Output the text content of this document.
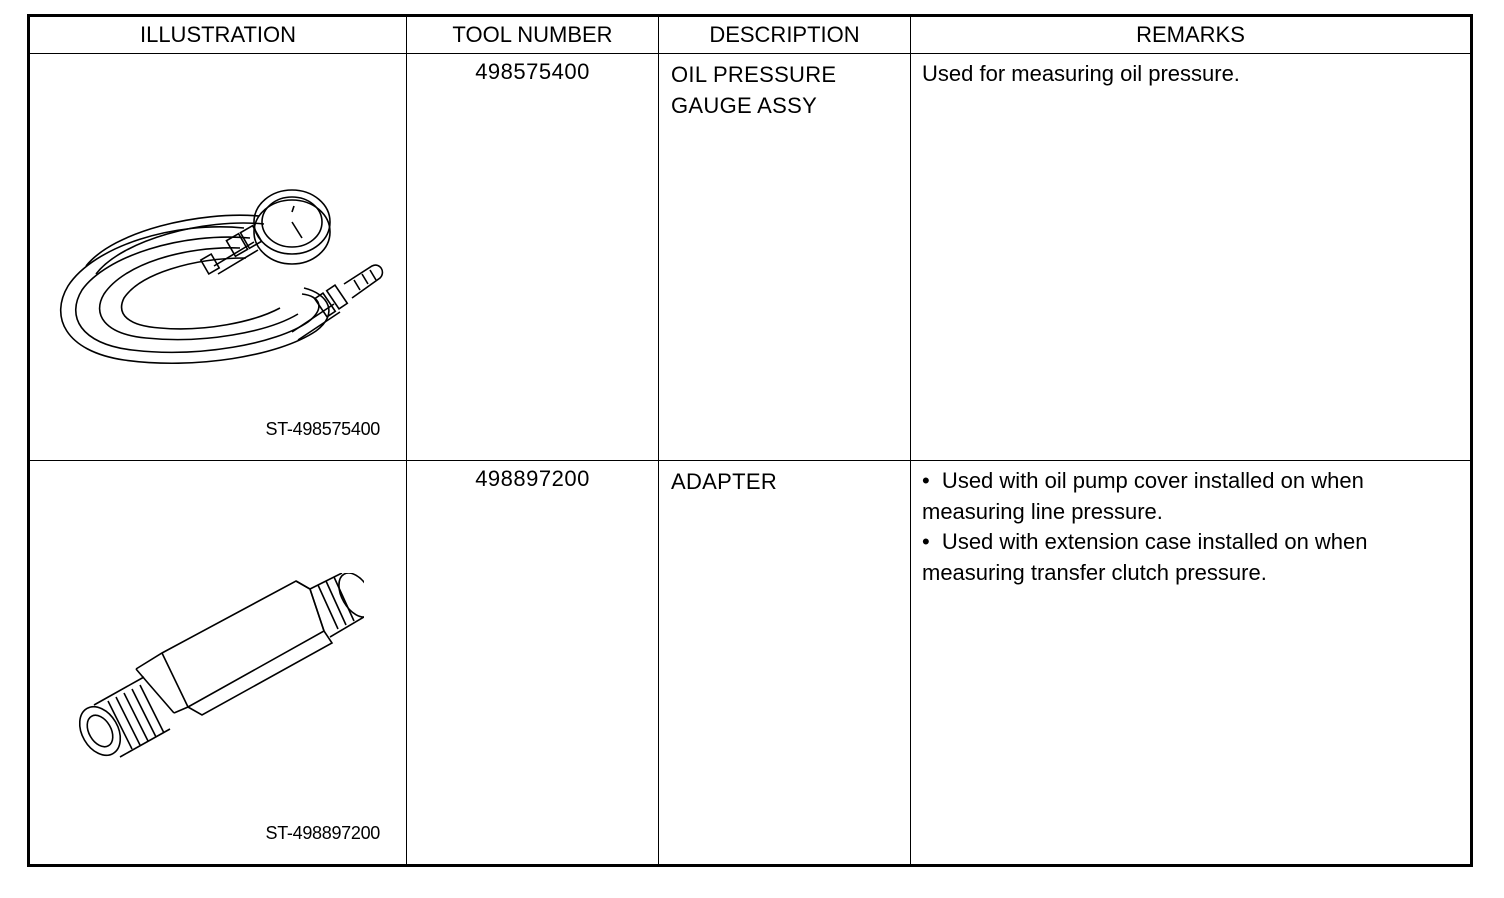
ILLUSTRATION	TOOL NUMBER	DESCRIPTION	REMARKS

ST-498575400	498575400	OIL PRESSURE
GAUGE ASSY	Used for measuring oil pressure.

ST-498897200	498897200	ADAPTER	•  Used with oil pump cover installed on when

measuring line pressure.

•  Used with extension case installed on when

measuring transfer clutch pressure.
